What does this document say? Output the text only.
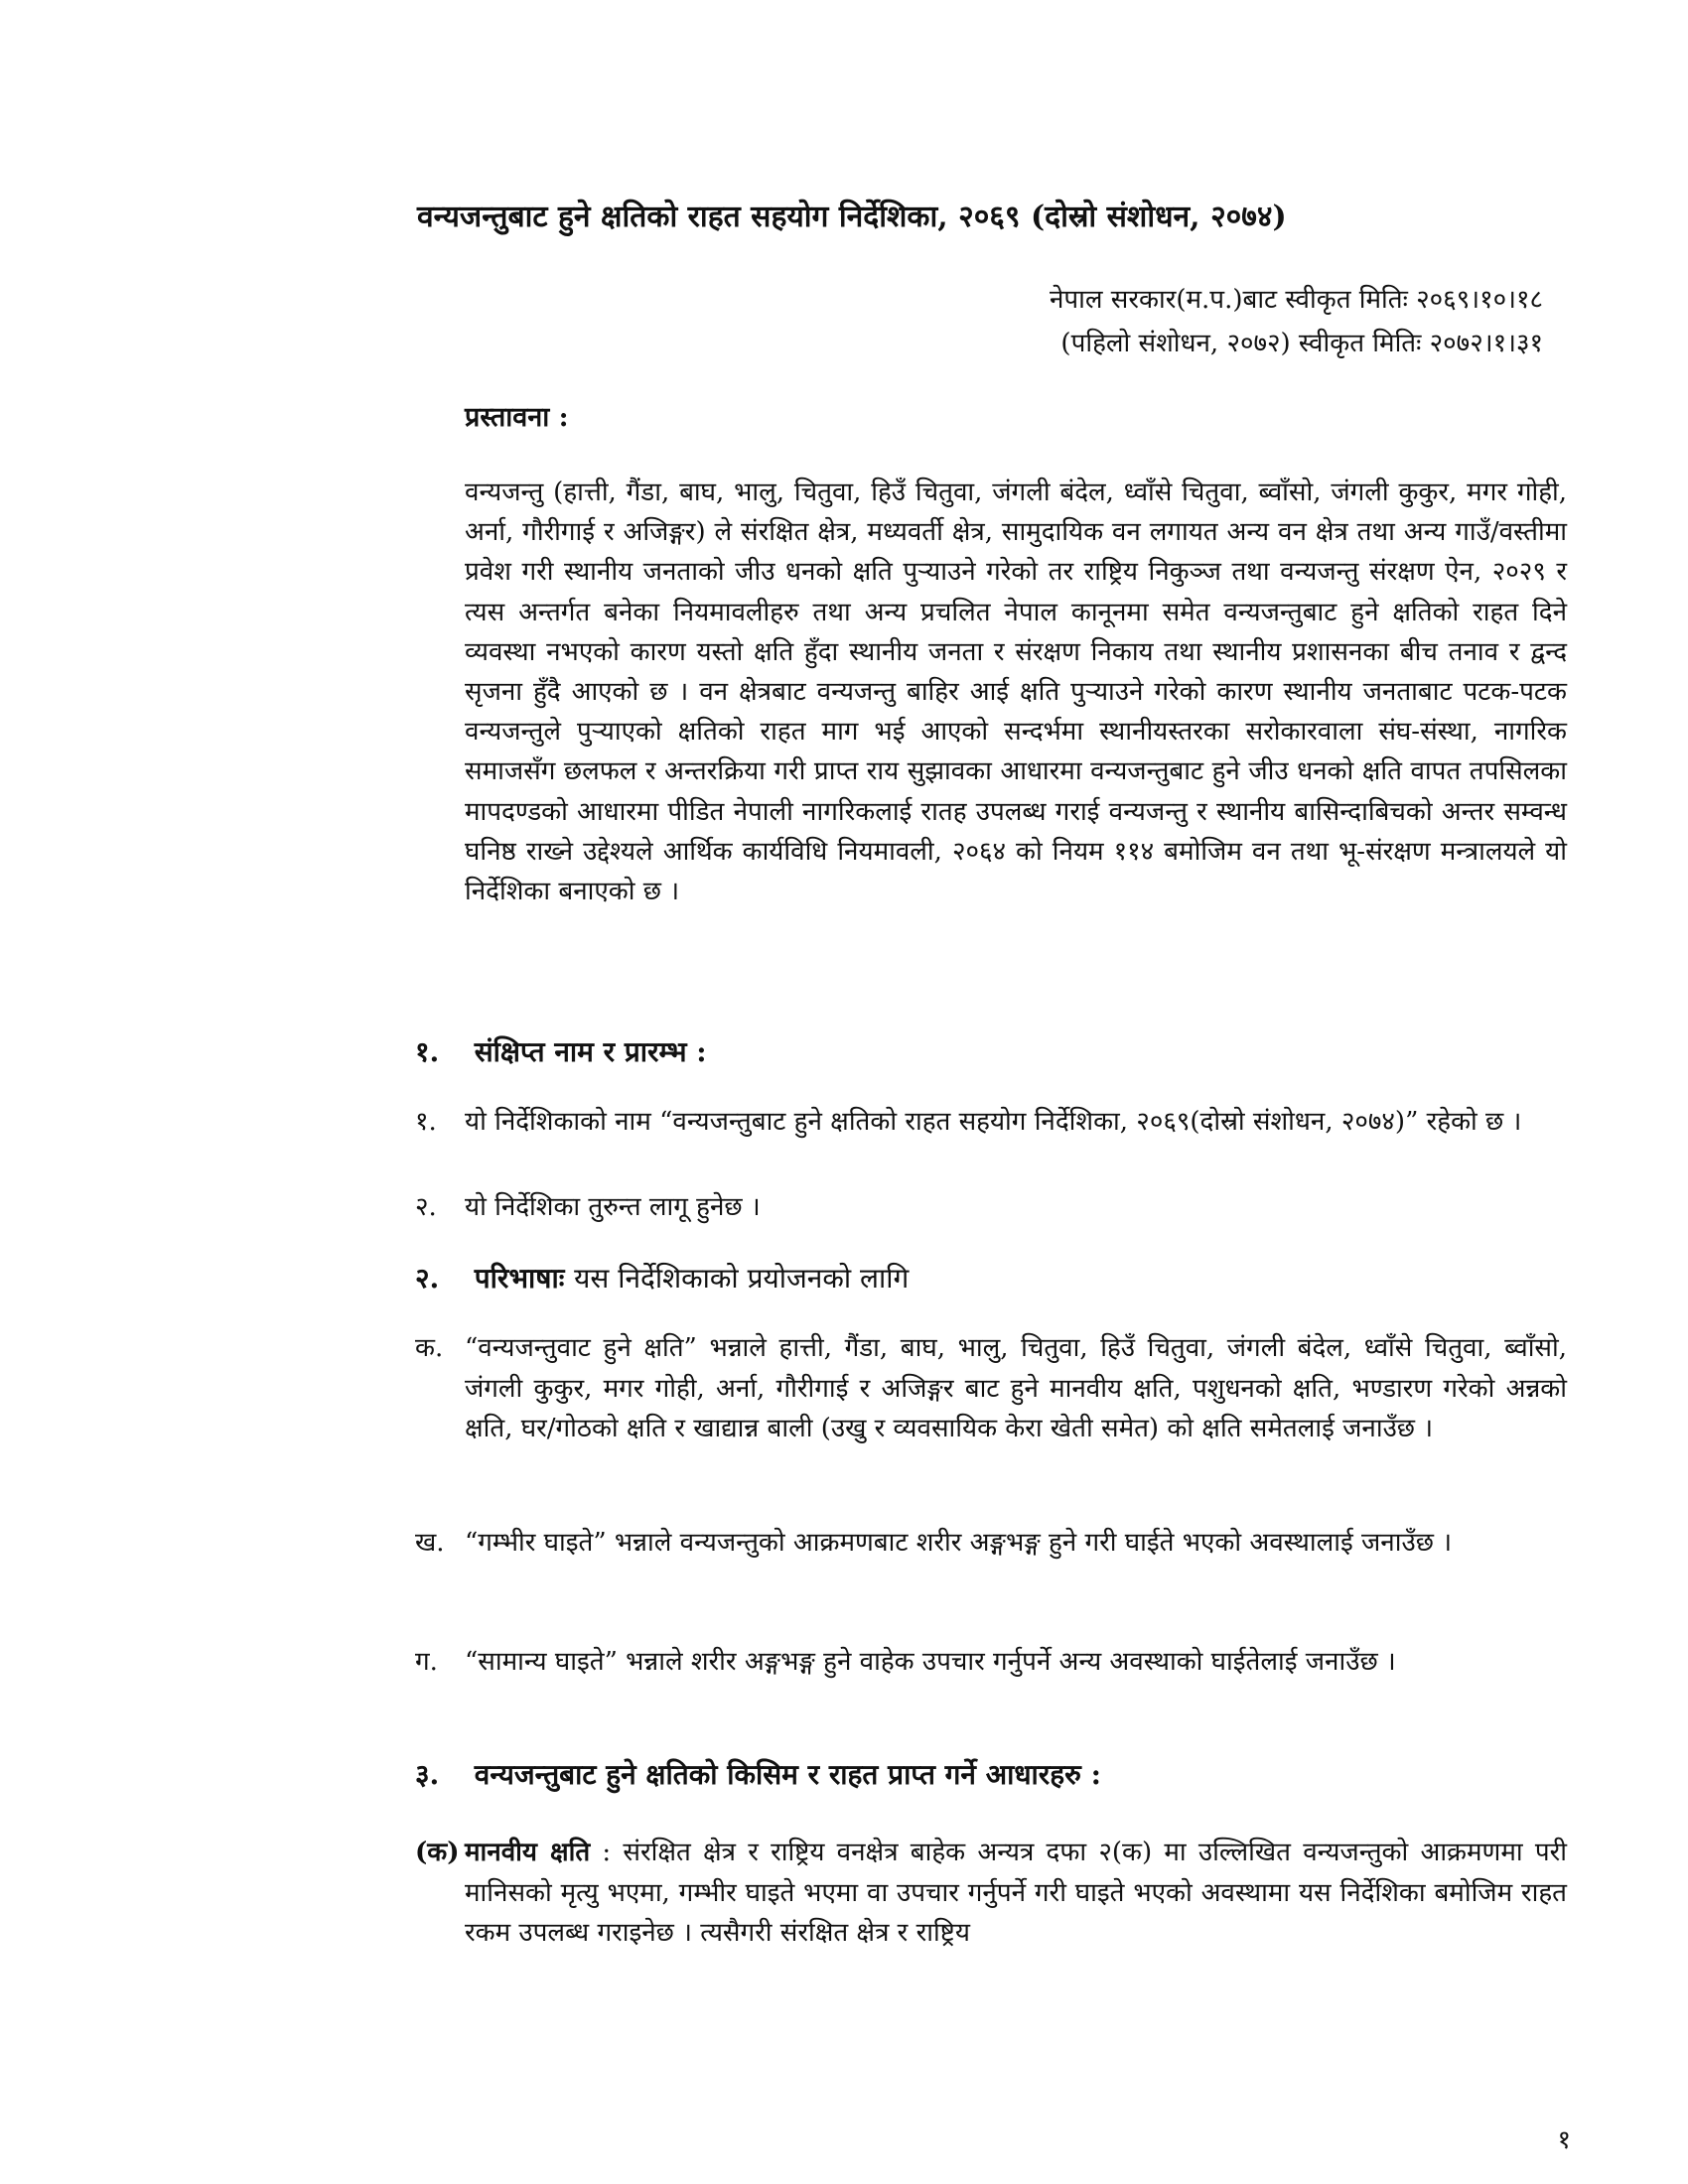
वन्यजन्तुबाट हुने क्षतिको राहत सहयोग निर्देशिका, २०६९ (दोस्रो संशोधन, २०७४)
नेपाल सरकार(म.प.)बाट स्वीकृत मितिः २०६९।१०।१८
(पहिलो संशोधन, २०७२) स्वीकृत मितिः २०७२।१।३१
प्रस्तावना :
वन्यजन्तु (हात्ती, गैंडा, बाघ, भालु, चितुवा, हिउँ चितुवा, जंगली बंदेल, ध्वाँसे चितुवा, ब्वाँसो, जंगली कुकुर, मगर गोही, अर्ना, गौरीगाई र अजिङ्गर) ले संरक्षित क्षेत्र, मध्यवर्ती क्षेत्र, सामुदायिक वन लगायत अन्य वन क्षेत्र तथा अन्य गाउँ/वस्तीमा प्रवेश गरी स्थानीय जनताको जीउ धनको क्षति पुऱ्याउने गरेको तर राष्ट्रिय निकुञ्ज तथा वन्यजन्तु संरक्षण ऐन, २०२९ र त्यस अन्तर्गत बनेका नियमावलीहरु तथा अन्य प्रचलित नेपाल कानूनमा समेत वन्यजन्तुबाट हुने क्षतिको राहत दिने व्यवस्था नभएको कारण यस्तो क्षति हुँदा स्थानीय जनता र संरक्षण निकाय तथा स्थानीय प्रशासनका बीच तनाव र द्वन्द सृजना हुँदै आएको छ । वन क्षेत्रबाट वन्यजन्तु बाहिर आई क्षति पुऱ्याउने गरेको कारण स्थानीय जनताबाट पटक-पटक वन्यजन्तुले पुऱ्याएको क्षतिको राहत माग भई आएको सन्दर्भमा स्थानीयस्तरका सरोकारवाला संघ-संस्था, नागरिक समाजसँग छलफल र अन्तरक्रिया गरी प्राप्त राय सुझावका आधारमा वन्यजन्तुबाट हुने जीउ धनको क्षति वापत तपसिलका मापदण्डको आधारमा पीडित नेपाली नागरिकलाई रातह उपलब्ध गराई वन्यजन्तु र स्थानीय बासिन्दाबिचको अन्तर सम्वन्ध घनिष्ठ राख्ने उद्देश्यले आर्थिक कार्यविधि नियमावली, २०६४ को नियम ११४ बमोजिम वन तथा भू-संरक्षण मन्त्रालयले यो निर्देशिका बनाएको छ ।
१. संक्षिप्त नाम र प्रारम्भ :
१. यो निर्देशिकाको नाम “वन्यजन्तुबाट हुने क्षतिको राहत सहयोग निर्देशिका, २०६९(दोस्रो संशोधन, २०७४)” रहेको छ ।
२. यो निर्देशिका तुरुन्त लागू हुनेछ ।
२. परिभाषाः यस निर्देशिकाको प्रयोजनको लागि
क. “वन्यजन्तुवाट हुने क्षति” भन्नाले हात्ती, गैंडा, बाघ, भालु, चितुवा, हिउँ चितुवा, जंगली बंदेल, ध्वाँसे चितुवा, ब्वाँसो, जंगली कुकुर, मगर गोही, अर्ना, गौरीगाई र अजिङ्गर बाट हुने मानवीय क्षति, पशुधनको क्षति, भण्डारण गरेको अन्नको क्षति, घर/गोठको क्षति र खाद्यान्न बाली (उखु र व्यवसायिक केरा खेती समेत) को क्षति समेतलाई जनाउँछ ।
ख. “गम्भीर घाइते” भन्नाले वन्यजन्तुको आक्रमणबाट शरीर अङ्गभङ्ग हुने गरी घाईते भएको अवस्थालाई जनाउँछ ।
ग. “सामान्य घाइते” भन्नाले शरीर अङ्गभङ्ग हुने वाहेक उपचार गर्नुपर्ने अन्य अवस्थाको घाईतेलाई जनाउँछ ।
३. वन्यजन्तुबाट हुने क्षतिको किसिम र राहत प्राप्त गर्ने आधारहरु :
(क) मानवीय क्षति : संरक्षित क्षेत्र र राष्ट्रिय वनक्षेत्र बाहेक अन्यत्र दफा २(क) मा उल्लिखित वन्यजन्तुको आक्रमणमा परी मानिसको मृत्यु भएमा, गम्भीर घाइते भएमा वा उपचार गर्नुपर्ने गरी घाइते भएको अवस्थामा यस निर्देशिका बमोजिम राहत रकम उपलब्ध गराइनेछ । त्यसैगरी संरक्षित क्षेत्र र राष्ट्रिय
१
